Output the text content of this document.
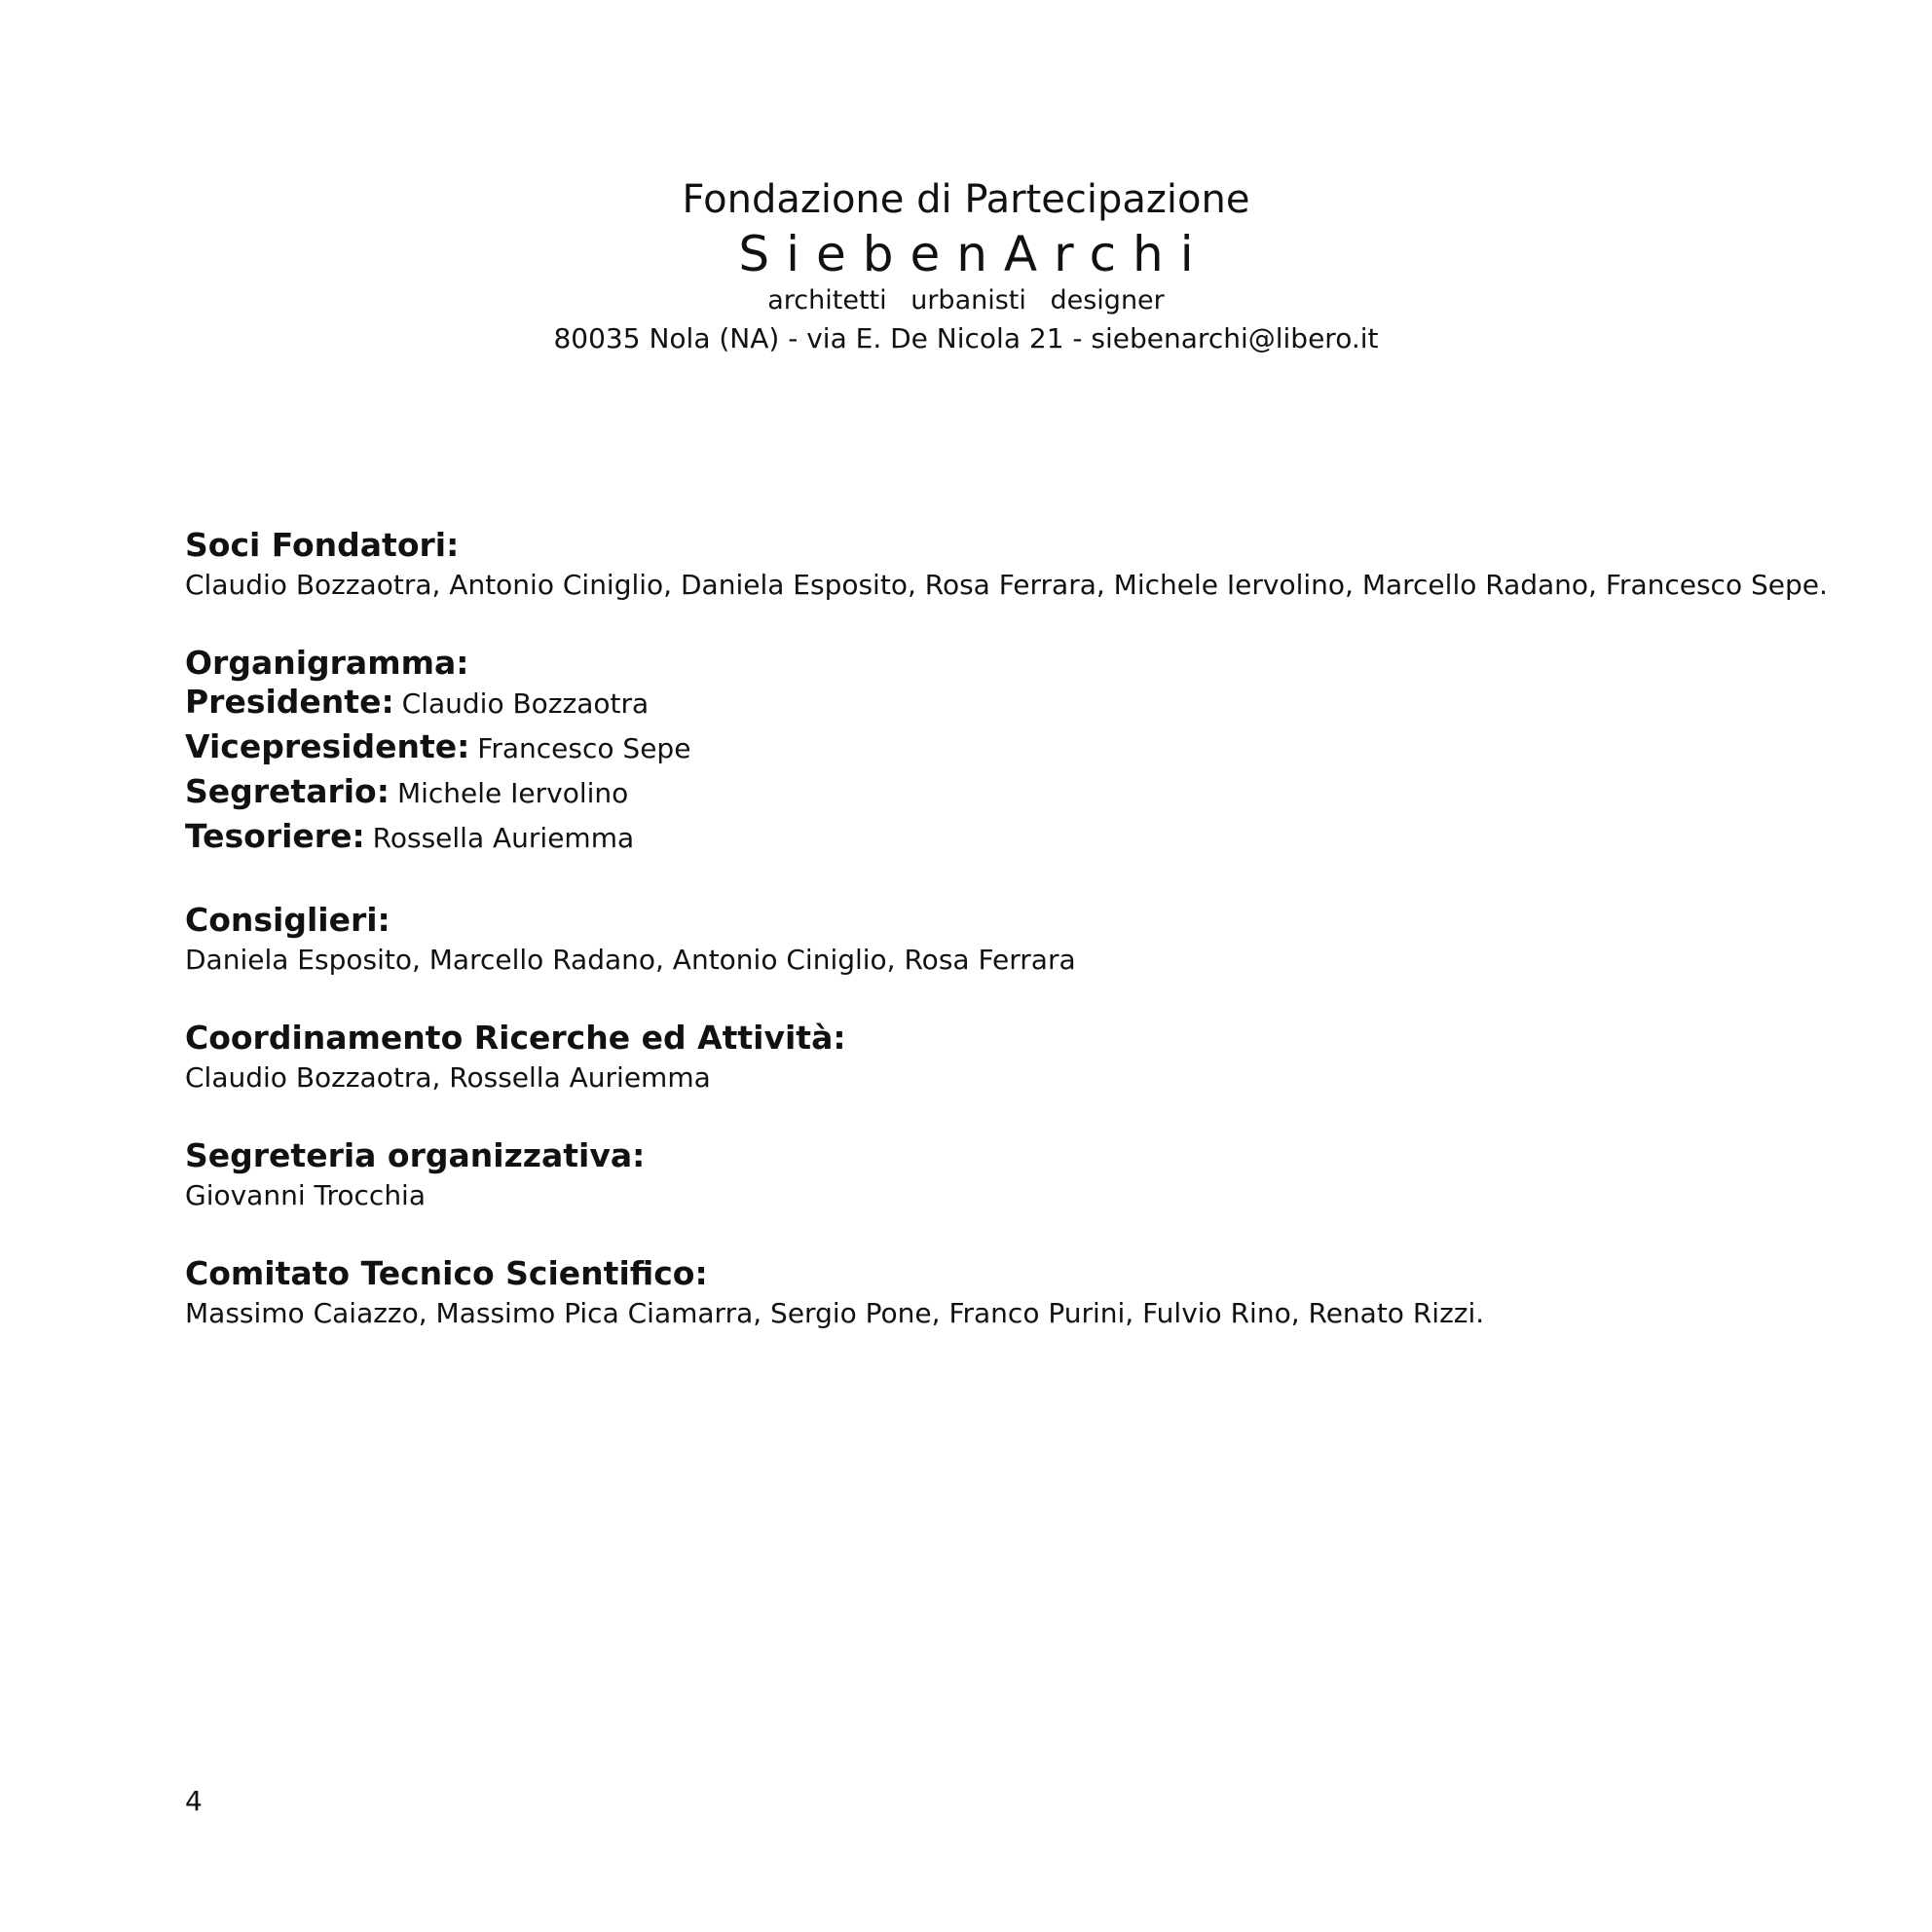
Fondazione di Partecipazione
SiebenArchi
architetti urbanisti designer
80035 Nola (NA) - via E. De Nicola 21 - siebenarchi@libero.it
Soci Fondatori:
Claudio Bozzaotra, Antonio Ciniglio, Daniela Esposito, Rosa Ferrara, Michele Iervolino, Marcello Radano, Francesco Sepe.
Organigramma:
Presidente: Claudio Bozzaotra
Vicepresidente: Francesco Sepe
Segretario: Michele Iervolino
Tesoriere: Rossella Auriemma
Consiglieri:
Daniela Esposito, Marcello Radano, Antonio Ciniglio, Rosa Ferrara
Coordinamento Ricerche ed Attività:
Claudio Bozzaotra, Rossella Auriemma
Segreteria organizzativa:
Giovanni Trocchia
Comitato Tecnico Scientifico:
Massimo Caiazzo, Massimo Pica Ciamarra, Sergio Pone, Franco Purini, Fulvio Rino, Renato Rizzi.
4
